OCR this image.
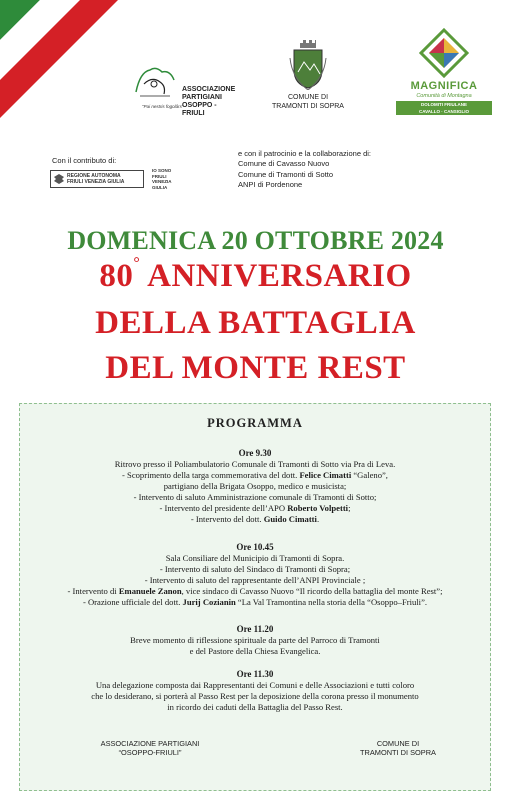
"Pai nestris fogolârs"
ASSOCIAZIONE
PARTIGIANI
OSOPPO - FRIULI
COMUNE DI
TRAMONTI DI SOPRA
MAGNIFICA
Comunità di Montagna
DOLOMITI FRIULANE
CAVALLO · CANSIGLIO
Con il contributo di:
REGIONE AUTONOMA
FRIULI VENEZIA GIULIA
IO SONO
FRIULI
VENEZIA
GIULIA
e con il patrocinio e la collaborazione di:
Comune di Cavasso Nuovo
Comune di Tramonti di Sotto
ANPI di Pordenone
DOMENICA 20 OTTOBRE 2024
80° ANNIVERSARIO
DELLA BATTAGLIA
DEL MONTE REST
PROGRAMMA
Ore 9.30
Ritrovo presso il Poliambulatorio Comunale di Tramonti di Sotto via Pra di Leva.
- Scoprimento della targa commemorativa del dott. Felice Cimatti “Galeno”,
partigiano della Brigata Osoppo, medico e musicista;
- Intervento di saluto Amministrazione comunale di Tramonti di Sotto;
- Intervento del presidente dell’APO Roberto Volpetti;
- Intervento del dott. Guido Cimatti.
Ore 10.45
Sala Consiliare del Municipio di Tramonti di Sopra.
- Intervento di saluto del Sindaco di Tramonti di Sopra;
- Intervento di saluto del rappresentante dell’ANPI Provinciale ;
- Intervento di Emanuele Zanon, vice sindaco di Cavasso Nuovo “Il ricordo della battaglia del monte Rest”;
- Orazione ufficiale del dott. Jurij Cozianin “La Val Tramontina nella storia della “Osoppo–Friuli”.
Ore 11.20
Breve momento di riflessione spirituale da parte del Parroco di Tramonti
e del Pastore della Chiesa Evangelica.
Ore 11.30
Una delegazione composta dai Rappresentanti dei Comuni e delle Associazioni e tutti coloro
che lo desiderano, si porterà al Passo Rest per la deposizione della corona presso il monumento
in ricordo dei caduti della Battaglia del Passo Rest.
ASSOCIAZIONE PARTIGIANI
“OSOPPO-FRIULI”
COMUNE DI
TRAMONTI DI SOPRA
